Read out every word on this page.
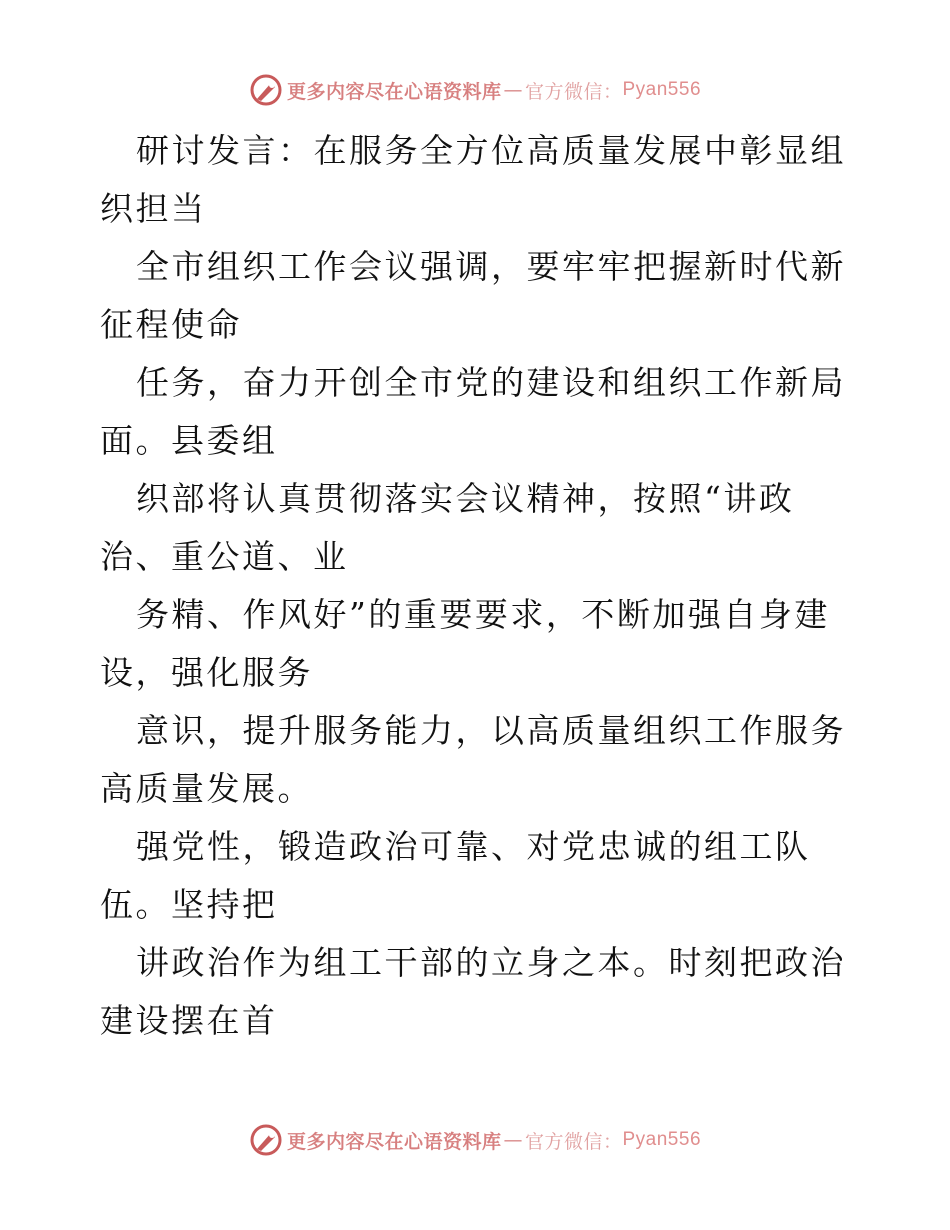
更多内容尽在心语资料库 — 官方微信： Pyan556

研讨发言：在服务全方位高质量发展中彰显组织担当

全市组织工作会议强调，要牢牢把握新时代新征程使命

任务，奋力开创全市党的建设和组织工作新局面。县委组

织部将认真贯彻落实会议精神，按照“讲政治、重公道、业

务精、作风好”的重要要求，不断加强自身建设，强化服务

意识，提升服务能力，以高质量组织工作服务高质量发展。

强党性，锻造政治可靠、对党忠诚的组工队伍。坚持把

讲政治作为组工干部的立身之本。时刻把政治建设摆在首

更多内容尽在心语资料库 — 官方微信： Pyan556
